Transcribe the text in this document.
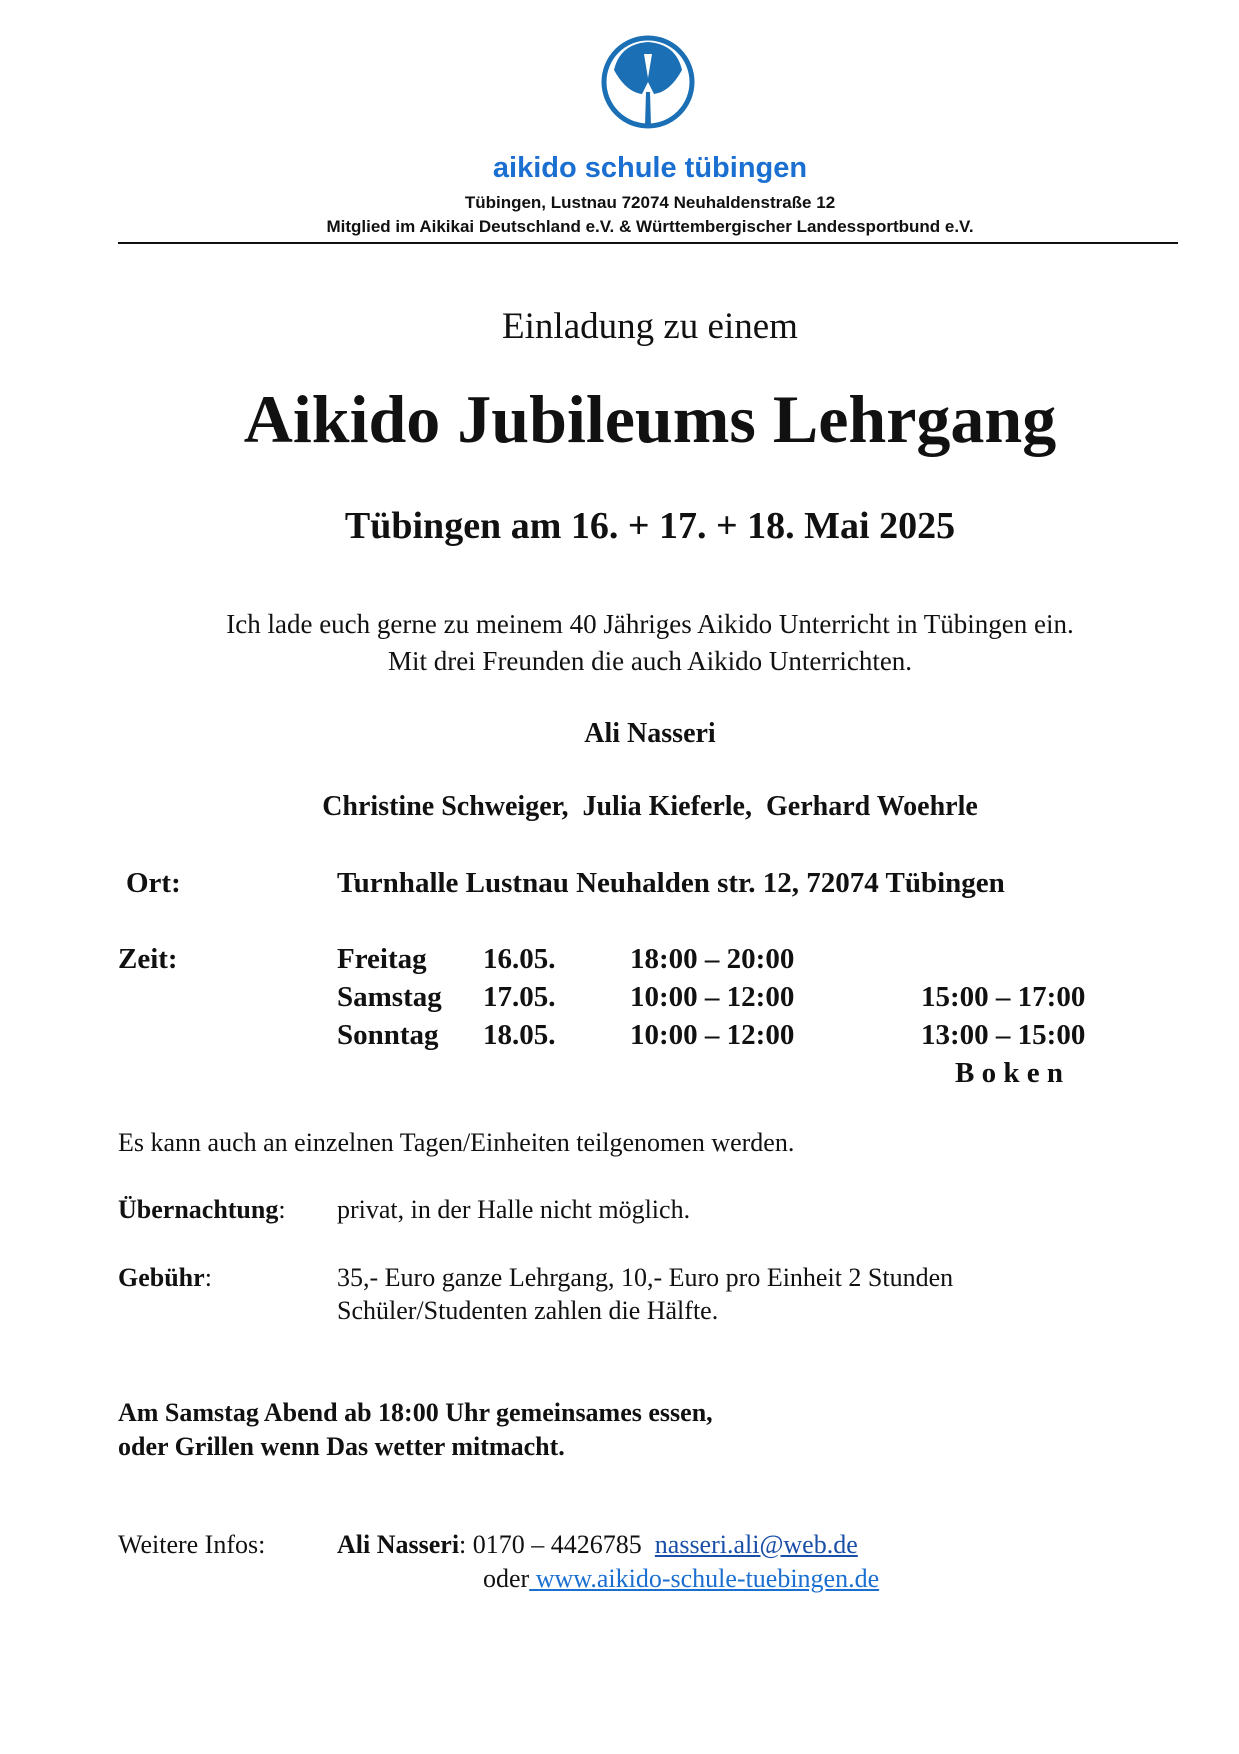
aikido schule tübingen
Tübingen, Lustnau 72074 Neuhaldenstraße 12
Mitglied im Aikikai Deutschland e.V. & Württembergischer Landessportbund e.V.
Einladung zu einem
Aikido Jubileums Lehrgang
Tübingen am 16. + 17. + 18. Mai 2025
Ich lade euch gerne zu meinem 40 Jähriges Aikido Unterricht in Tübingen ein.
Mit drei Freunden die auch Aikido Unterrichten.
Ali Nasseri
Christine Schweiger, Julia Kieferle, Gerhard Woehrle
Ort:	Turnhalle Lustnau Neuhalden str. 12, 72074 Tübingen
Zeit:	Freitag 16.05.	18:00 – 20:00
Samstag 17.05.	10:00 – 12:00	15:00 – 17:00
Sonntag 18.05.	10:00 – 12:00	13:00 – 15:00
B o k e n
Es kann auch an einzelnen Tagen/Einheiten teilgenomen werden.
Übernachtung: privat, in der Halle nicht möglich.
Gebühr:	35,- Euro ganze Lehrgang, 10,- Euro pro Einheit 2 Stunden
Schüler/Studenten zahlen die Hälfte.
Am Samstag Abend ab 18:00 Uhr gemeinsames essen,
oder Grillen wenn Das wetter mitmacht.
Weitere Infos:	Ali Nasseri: 0170 – 4426785 nasseri.ali@web.de
oder www.aikido-schule-tuebingen.de
